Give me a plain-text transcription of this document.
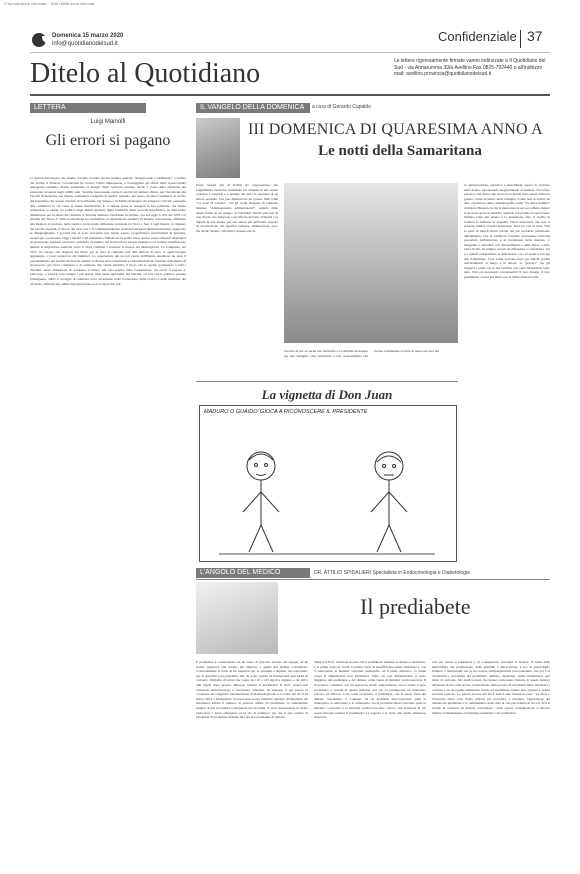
© riproduzione riservata · Tutti i diritti sono riservati
Domenica 15 marzo 2020
info@quotidianodelsud.it	Confidenziale 37
Ditelo al Quotidiano	Le lettere rigorosamente firmate vanno indirizzate a Il Quotidiano del Sud - via Annarumma 39/a Avellino Fax 0825-792440 o all'indirizzo mail: avellino.provincia@quotidianodelsud.it
LETTERA
Luigi Mainolfi
Gli errori si pagano
La guerra psicologica che stiamo vivendo avrebbe dovuto indurre qualche “mangia pane a tradimento” a parlare del perché il dittatore Coronavirus ha trovato l'Italia impreparata, a fronteggiare gli effetti della sopravvenuta emergenza sanitaria. Siamo assistendo al disagio degli operatori sanitari, anche a causa della riduzione del personale avvenuta negli ultimi anni. Sarebbe interessante capire il perché del numero chiuso per l'iscrizione alla Facoltà di medicina, nel mentre aumentava l'esigenza di medici. Quando, per paura, ipotizzo l'esistenza di un filo del fenomeno che stanno vivendo in Lombardia, nel Veneto e in Emilia Romagna, mi vengono i brividi, pensando alle condizioni in cui versa la sanità meridionale. E, la mente passa in rassegna le fasi politiche, che hanno influenzato la sanità. La politica degli ultimi decenni, figlia prediletta della seconda Repubblica, ha dimostrato disinteresse per la salute dei cittadini. Il Sistema Sanitario Nazionale fu istituito con la Legge n. 833 del 1978 e la riforma del Titolo V della Costituzione ha trasformato la legislazione sanitaria in materia concorrente, affidando alle Regioni la gestione della sanità e provocando differenze profonde tra Nord e Sud. I tagli lineari, la chiusura dei piccoli ospedali, il blocco del turn over e il commissariamento di diverse Regioni meridionali hanno aggravato le disuguaglianze. I governi che si sono succeduti non hanno saputo programmare investimenti in strutture, tecnologie e personale. Oggi i medici e gli infermieri combattono in prima linea, spesso senza adeguati dispositivi di protezione, pagando un prezzo altissimo. Il numero dei posti letto in terapia intensiva si è rivelato insufficiente, mentre la migrazione sanitaria verso il Nord continua a svuotare le risorse del Mezzogiorno. La Campania, nel 2017, ha versato alle Regioni del Nord, per la cura di campani, ben 300 milioni di euro, ai quali bisogna aggiungere i costi sopportati dai familiari. Le popolazioni dei piccoli centri dell'Irpinia attendono da anni il potenziamento dei presidi territoriali, mentre si discute di accorpamenti e razionalizzazioni. Sarebbe il momento di riconoscere gli errori commessi e di restituire alla sanità pubblica il ruolo che le spetta, garantendo a tutti i cittadini, senza distinzione di residenza, il diritto alla cura sancito dalla Costituzione. Gli errori si pagano e, purtroppo, a pagarli sono sempre i più deboli. Non basta applaudire dai balconi: occorre che la politica, passata l'emergenza, abbia il coraggio di cambiare rotta, investendo nella formazione, nella ricerca e nella medicina del territorio, affinché una simile impreparazione non si ripeta mai più.
IL VANGELO DELLA DOMENICA	a cura di Gerardo Capaldo
III DOMENICA DI QUARESIMA ANNO A
Le notti della Samaritana
Forse nessun più di Pellini ha rappresentato più saggiamente l'universo femminile e il dramma di una donna costretta a vendersi e a perdere del tutto la speranza di un amore normale. Chi può dimenticare un grande film come “Le notti di Cabiria”, con gli occhi disperati di Giulietta Masina: “Ammazzatemi, ammazzatemi”, seguito dalla danza finale di un gruppo di fanciulle? Ossuri percorsi di non ritorno che inducono a sacrificare del tutto l'identità e la dignità di una donna, per sua natura più dell'uomo esposta ad un'attrazione che significa bellezza, ammirazione, eros, ma anche rispetto, affettività, unione tale da
favorire di per sé anche una maternità e la stabilità necessaria per una famiglia. Una sensibilità e una responsabilità che l'uomo solitamente avverte di meno nei suoi dei
ra adolescenziale, egoistica e maschilista, spesso fa ricadere sulla donna, esponendola maggiormente al ludibrio. Un tempo perverso che divora ma che non si riperde sulla stessa donna in guasto, come accaduto nella famiglia. Come non ricordare un altro capolavoro della cinematografia come “La dolce fiamma” di Robert Bresson, in cui la mancanza di un vero affetto induce la giovane sposa al suicidio. Quando poi prende il sopravvento l'umano tanto più umano è la detenzione, fino al rischio di tradurre la bellezza in tragedia. Valori universali, che non si possono ridurre a fugaci apparenze. Tesori in vasi di creta. Vale la pena di tenerli stretti perché dal più profondo patrimonio dell'umanità. Che le tradizioni cristiane, nonostante l'estrema precarietà dell'esistenza e la ristrettezza della materia, ci insegnino a custodire, con discernimento e nella fatica, e tutti, tutti i livelli, ha sempre cercato di diffondere e consolidare. Un po' quindi comprendere la delicatezza con cui Gesù si rivolge alla Samaritana. Così come avevano fatto gli antichi profeti nell'inchinarsi al fango e al dolore, al “peccato” che gli bagnava i piedi con le sue lacrime, una certa Maddalena tanto altre. Non era necessario condannarla? Il loro disagio, il loro pentimento creava già molto per la divina misericordia.
La vignetta di Don Juan
MADURO O GUAIDO' GIOCA A RICONOSCERE IL PRESIDENTE
L'ANGOLO DEL MEDICO	DR. ATTILIO SPIDALIERI Specialista in Endocrinologia e Diabetologia
Il prediabete
Il prediabete è caratterizzato da un basso di glucosio elevato nel sangue, ad un livello superiore alla norma, ma inferiore a quello del diabete conclamato. Concretamente si tratta di tre superiori per la glicemia a digiuno, ma soprattutto per la glicemia post-prandiale, tale da poter parlare di intolleranza agli idrati di carbonio. Parliamo di valori che vanno da 110 a 125 mg/dl a digiuno, e da 140 a 199 mg/dl dopo pranzo. Bisogna trattare il prediabete? Il Prof. Jean-Louis Chiasson, endocrinologo e ricercatore canadese, ha espresso il suo parere in occasione del congresso internazionale di diabetologia che si è svolto dal 26 al 29 marzo 2013 a Montpellier. Il ricercatore suona l'allarme riguardo all'ampiezza del fenomeno. Infatti il numero di persone affette da prediabete va aumentando sempre di più e potrebbe raddoppiare nei prossimi 15 anni, interessando in molto particolare i paesi emergenti ed in via di sviluppo, per cui si può parlare di pandemia di prediabete insieme alla più nota pandemia di diabete.
Sempre il Prof. Chiasson ricorda che il prediabete, insieme al diabete conclamato, è la prima causa di cecità, la prima causa di insufficienza renale terminale e, con la neuropatia, le malattie vascolari periferiche, ed il piede diabetico, la prima causa di amputazione non traumatica. Tutto ciò non dimenticando il ruolo maggiore del prediabete e del diabete come causa di malattie cardiovascolari. Il ricercatore canadese, con un approccio molto anglosassone, evoca anche il peso economico e sociale di queste malattie, per cui va presupposto un intervento precoce ed efficace. Così come accennato, il prediabete, con la stessa forza del diabete conclamato, è connesso sia ad problemi microvascolari quali la retinopatia, la nefropatia e la retinopatia, sia di problemi macrovascolari quali la malattia coronarica e la malattia cerebrovascolare. Allora alla domanda di cui sopra: bisogna trattare il prediabete? La risposta è sì. Sono allo studio numerose molecole
cole per curare il prediabete e, di conseguenza, prevenire il diabete. Si tratta della metformina, del pioglitazone, delle glitinidi, e dell'acarbose. L'uso di quest'ultimo farmaco è interessante per la sua azione sull'iperglicemia post-prandiale, che poi è la caratteristica prevalente del prediabete, definito, ripetiamo, anche intolleranza agli idrati di carbonio. Ma studi recenti, che hanno confrontato l'azione di questi farmaci all'azione di uno stile di vita caratterizzato dalla pratica di un'attività fisica moderata e costante e da un regime alimentare sobrio ed equilibrato, hanno dato ragione a questa seconda opzione. Le parole precise del Prof. Jean-Louis Chiasson sono: “La dieta e l'esercizio fisico sono molto efficaci per prevenire, o ritardare, l'apparizione del diabete nei prediabetici. Il cambiamento dello stile di vita può ridurre di circa il 50% il rischio di contrarre un diabete conclamato”. Tutte queste considerazioni ci devono indurre evidentemente al depistage sistematico del prediabete.
